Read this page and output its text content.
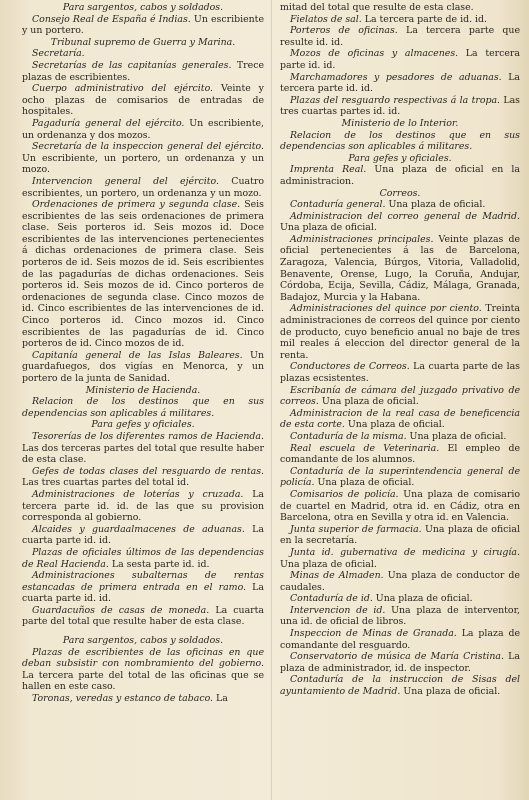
Para sargentos, cabos y soldados.

Consejo Real de España é Indias. Un escribiente y un portero.

Tribunal supremo de Guerra y Marina.

Secretaría.

Secretarías de las capitanías generales. Trece plazas de escribientes.

Cuerpo administrativo del ejército. Veinte y ocho plazas de comisarios de entradas de hospitales.

Pagaduría general del ejército. Un escribiente, un ordenanza y dos mozos.

Secretaría de la inspeccion general del ejército. Un escribiente, un portero, un ordenanza y un mozo.

Intervencion general del ejército. Cuatro escribientes, un portero, un ordenanza y un mozo.

Ordenaciones de primera y segunda clase. Seis escribientes de las seis ordenaciones de primera clase. Seis porteros id. Seis mozos id. Doce escribientes de las intervenciones pertenecientes á dichas ordenaciones de primera clase. Seis porteros de id. Seis mozos de id. Seis escribientes de las pagadurías de dichas ordenaciones. Seis porteros id. Seis mozos de id. Cinco porteros de ordenaciones de segunda clase. Cinco mozos de id. Cinco escribientes de las intervenciones de id. Cinco porteros id. Cinco mozos id. Cinco escribientes de las pagadurías de id. Cinco porteros de id. Cinco mozos de id.

Capitanía general de las Islas Baleares. Un guardafuegos, dos vigías en Menorca, y un portero de la junta de Sanidad.

Ministerio de Hacienda.

Relacion de los destinos que en sus dependencias son aplicables á militares.

Para gefes y oficiales.

Tesorerías de los diferentes ramos de Hacienda. Las dos terceras partes del total que resulte haber de esta clase.

Gefes de todas clases del resguardo de rentas. Las tres cuartas partes del total id.

Administraciones de loterías y cruzada. La tercera parte id. id. de las que su provision corresponda al gobierno.

Alcaides y guardaalmacenes de aduanas. La cuarta parte id. id.

Plazas de oficiales últimos de las dependencias de Real Hacienda. La sesta parte id. id.

Administraciones subalternas de rentas estancadas de primera entrada en el ramo. La cuarta parte id. id.

Guardacuños de casas de moneda. La cuarta parte del total que resulte haber de esta clase.

Para sargentos, cabos y soldados.

Plazas de escribientes de las oficinas en que deban subsistir con nombramiento del gobierno. La tercera parte del total de las oficinas que se hallen en este caso.

Toronas, veredas y estanco de tabaco. La

mitad del total que resulte de esta clase.

Fielatos de sal. La tercera parte de id. id.

Porteros de oficinas. La tercera parte que resulte id. id.

Mozos de oficinas y almacenes. La tercera parte id. id.

Marchamadores y pesadores de aduanas. La tercera parte id. id.

Plazas del resguardo respectivas á la tropa. Las tres cuartas partes id. id.

Ministerio de lo Interior.

Relacion de los destinos que en sus dependencias son aplicables á militares.

Para gefes y oficiales.

Imprenta Real. Una plaza de oficial en la administracion.

Correos.

Contaduría general. Una plaza de oficial.

Administracion del correo general de Madrid. Una plaza de oficial.

Administraciones principales. Veinte plazas de oficial pertenecientes á las de Barcelona, Zaragoza, Valencia, Búrgos, Vitoria, Valladolid, Benavente, Orense, Lugo, la Coruña, Andujar, Córdoba, Ecija, Sevilla, Cádiz, Málaga, Granada, Badajoz, Murcia y la Habana.

Administraciones del quince por ciento. Treinta administraciones de correos del quince por ciento de producto, cuyo beneficio anual no baje de tres mil reales á eleccion del director general de la renta.

Conductores de Correos. La cuarta parte de las plazas ecsistentes.

Escribanía de cámara del juzgado privativo de correos. Una plaza de oficial.

Administracion de la real casa de beneficencia de esta corte. Una plaza de oficial.

Contaduría de la misma. Una plaza de oficial.

Real escuela de Veterinaria. El empleo de comandante de los alumnos.

Contaduría de la superintendencia general de policía. Una plaza de oficial.

Comisarios de policía. Una plaza de comisario de cuartel en Madrid, otra id. en Cádiz, otra en Barcelona, otra en Sevilla y otra id. en Valencia.

Junta superior de farmacia. Una plaza de oficial en la secretaría.

Junta id. gubernativa de medicina y cirugía. Una plaza de oficial.

Minas de Almaden. Una plaza de conductor de caudales.

Contaduría de id. Una plaza de oficial.

Intervencion de id. Una plaza de interventor, una id. de oficial de libros.

Inspeccion de Minas de Granada. La plaza de comandante del resguardo.

Conservatorio de música de María Cristina. La plaza de administrador, id. de inspector.

Contaduría de la instruccion de Sisas del ayuntamiento de Madrid. Una plaza de oficial.
